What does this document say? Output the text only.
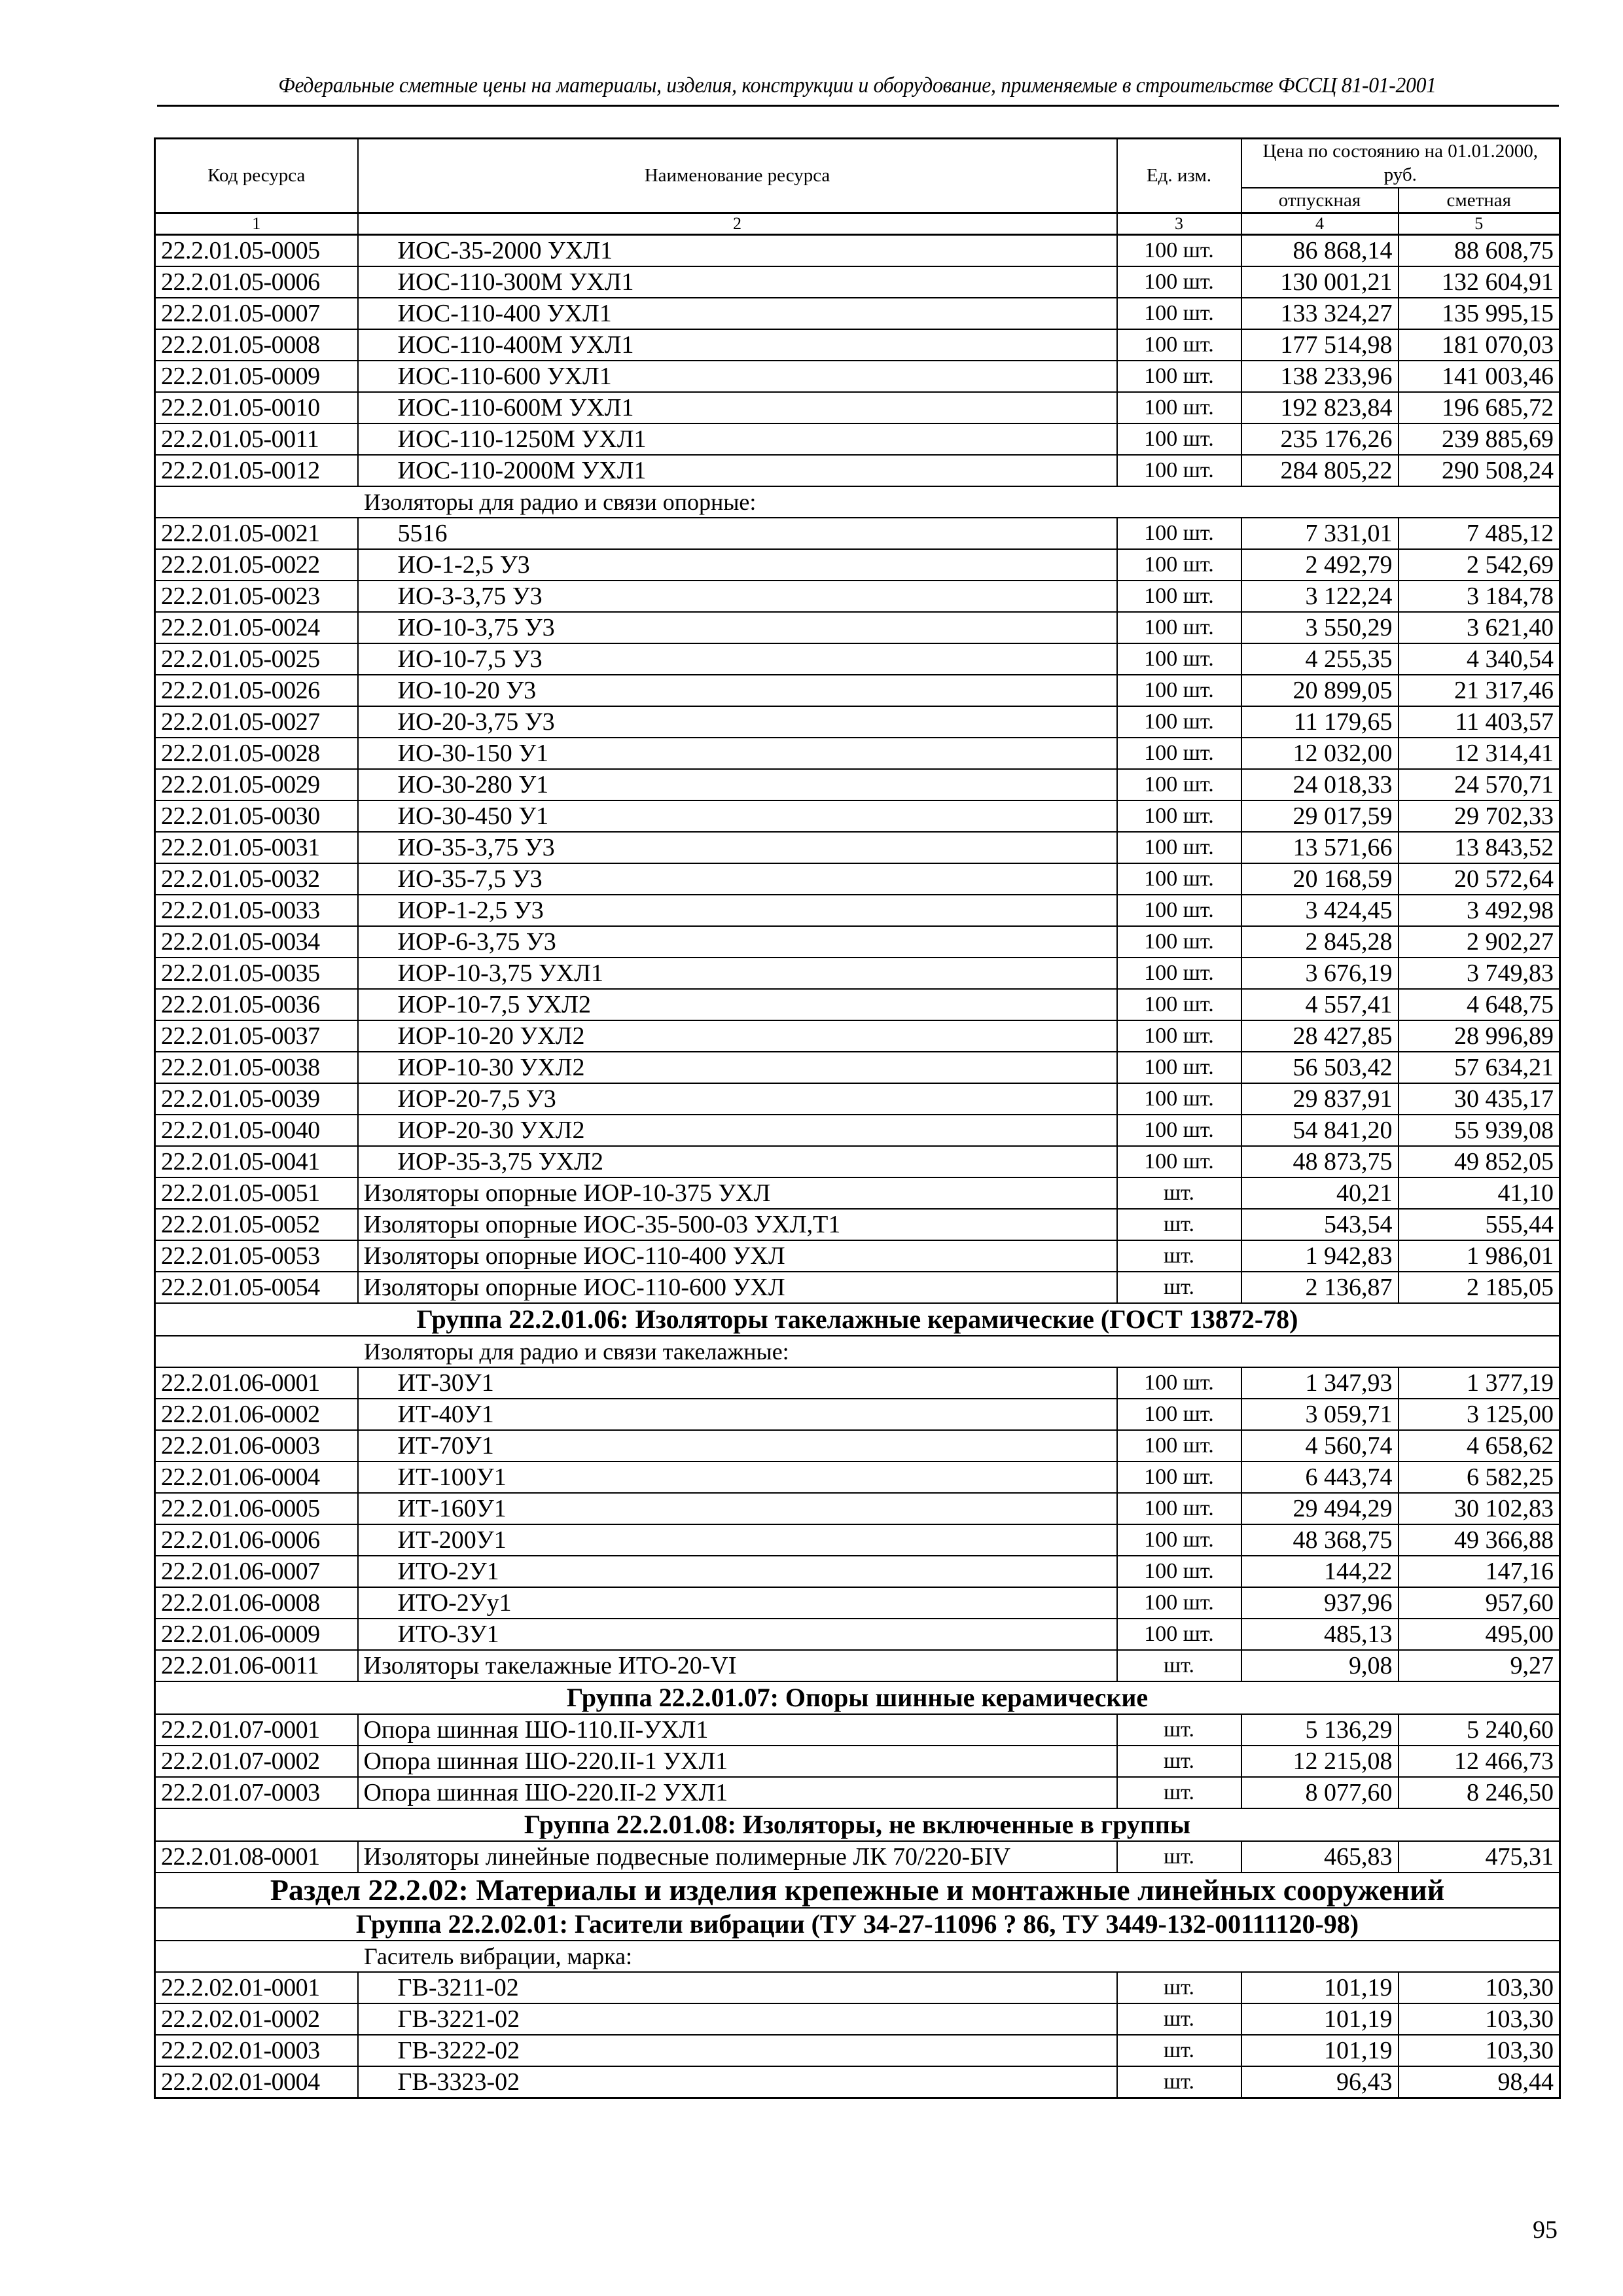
Федеральные сметные цены на материалы, изделия, конструкции и оборудование, применяемые в строительстве ФССЦ 81-01-2001
Код ресурса	Наименование ресурса	Ед. изм.	Цена по состоянию на 01.01.2000, руб.	
			отпускная	сметная
1	2	3	4	5
22.2.01.05-0005	ИОС-35-2000 УХЛ1	100 шт.	86 868,14	88 608,75
22.2.01.05-0006	ИОС-110-300М УХЛ1	100 шт.	130 001,21	132 604,91
22.2.01.05-0007	ИОС-110-400 УХЛ1	100 шт.	133 324,27	135 995,15
22.2.01.05-0008	ИОС-110-400М УХЛ1	100 шт.	177 514,98	181 070,03
22.2.01.05-0009	ИОС-110-600 УХЛ1	100 шт.	138 233,96	141 003,46
22.2.01.05-0010	ИОС-110-600М УХЛ1	100 шт.	192 823,84	196 685,72
22.2.01.05-0011	ИОС-110-1250М УХЛ1	100 шт.	235 176,26	239 885,69
22.2.01.05-0012	ИОС-110-2000М УХЛ1	100 шт.	284 805,22	290 508,24
Изоляторы для радио и связи опорные:				
22.2.01.05-0021	5516	100 шт.	7 331,01	7 485,12
22.2.01.05-0022	ИО-1-2,5 У3	100 шт.	2 492,79	2 542,69
22.2.01.05-0023	ИО-3-3,75 У3	100 шт.	3 122,24	3 184,78
22.2.01.05-0024	ИО-10-3,75 У3	100 шт.	3 550,29	3 621,40
22.2.01.05-0025	ИО-10-7,5 У3	100 шт.	4 255,35	4 340,54
22.2.01.05-0026	ИО-10-20 У3	100 шт.	20 899,05	21 317,46
22.2.01.05-0027	ИО-20-3,75 У3	100 шт.	11 179,65	11 403,57
22.2.01.05-0028	ИО-30-150 У1	100 шт.	12 032,00	12 314,41
22.2.01.05-0029	ИО-30-280 У1	100 шт.	24 018,33	24 570,71
22.2.01.05-0030	ИО-30-450 У1	100 шт.	29 017,59	29 702,33
22.2.01.05-0031	ИО-35-3,75 У3	100 шт.	13 571,66	13 843,52
22.2.01.05-0032	ИО-35-7,5 У3	100 шт.	20 168,59	20 572,64
22.2.01.05-0033	ИОР-1-2,5 У3	100 шт.	3 424,45	3 492,98
22.2.01.05-0034	ИОР-6-3,75 У3	100 шт.	2 845,28	2 902,27
22.2.01.05-0035	ИОР-10-3,75 УХЛ1	100 шт.	3 676,19	3 749,83
22.2.01.05-0036	ИОР-10-7,5 УХЛ2	100 шт.	4 557,41	4 648,75
22.2.01.05-0037	ИОР-10-20 УХЛ2	100 шт.	28 427,85	28 996,89
22.2.01.05-0038	ИОР-10-30 УХЛ2	100 шт.	56 503,42	57 634,21
22.2.01.05-0039	ИОР-20-7,5 У3	100 шт.	29 837,91	30 435,17
22.2.01.05-0040	ИОР-20-30 УХЛ2	100 шт.	54 841,20	55 939,08
22.2.01.05-0041	ИОР-35-3,75 УХЛ2	100 шт.	48 873,75	49 852,05
22.2.01.05-0051	Изоляторы опорные ИОР-10-375 УХЛ	шт.	40,21	41,10
22.2.01.05-0052	Изоляторы опорные ИОС-35-500-03 УХЛ,Т1	шт.	543,54	555,44
22.2.01.05-0053	Изоляторы опорные ИОС-110-400 УХЛ	шт.	1 942,83	1 986,01
22.2.01.05-0054	Изоляторы опорные ИОС-110-600 УХЛ	шт.	2 136,87	2 185,05
Группа 22.2.01.06: Изоляторы такелажные керамические (ГОСТ 13872-78)				
Изоляторы для радио и связи такелажные:				
22.2.01.06-0001	ИТ-30У1	100 шт.	1 347,93	1 377,19
22.2.01.06-0002	ИТ-40У1	100 шт.	3 059,71	3 125,00
22.2.01.06-0003	ИТ-70У1	100 шт.	4 560,74	4 658,62
22.2.01.06-0004	ИТ-100У1	100 шт.	6 443,74	6 582,25
22.2.01.06-0005	ИТ-160У1	100 шт.	29 494,29	30 102,83
22.2.01.06-0006	ИТ-200У1	100 шт.	48 368,75	49 366,88
22.2.01.06-0007	ИТО-2У1	100 шт.	144,22	147,16
22.2.01.06-0008	ИТО-2Уу1	100 шт.	937,96	957,60
22.2.01.06-0009	ИТО-3У1	100 шт.	485,13	495,00
22.2.01.06-0011	Изоляторы такелажные ИТО-20-VI	шт.	9,08	9,27
Группа 22.2.01.07: Опоры шинные керамические				
22.2.01.07-0001	Опора шинная ШО-110.II-УХЛ1	шт.	5 136,29	5 240,60
22.2.01.07-0002	Опора шинная ШО-220.II-1 УХЛ1	шт.	12 215,08	12 466,73
22.2.01.07-0003	Опора шинная ШО-220.II-2 УХЛ1	шт.	8 077,60	8 246,50
Группа 22.2.01.08: Изоляторы, не включенные в группы				
22.2.01.08-0001	Изоляторы линейные подвесные полимерные ЛК 70/220-БIV	шт.	465,83	475,31
Раздел 22.2.02: Материалы и изделия крепежные и монтажные линейных сооружений				
Группа 22.2.02.01: Гасители вибрации (ТУ 34-27-11096 ? 86, ТУ 3449-132-00111120-98)				
Гаситель вибрации, марка:				
22.2.02.01-0001	ГВ-3211-02	шт.	101,19	103,30
22.2.02.01-0002	ГВ-3221-02	шт.	101,19	103,30
22.2.02.01-0003	ГВ-3222-02	шт.	101,19	103,30
22.2.02.01-0004	ГВ-3323-02	шт.	96,43	98,44
95
